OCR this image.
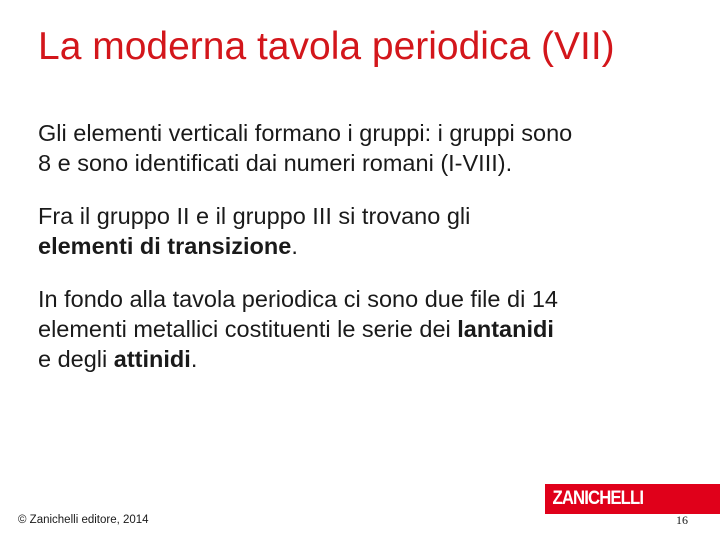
La moderna tavola periodica (VII)

Gli elementi verticali formano i gruppi: i gruppi sono
8 e sono identificati dai numeri romani (I-VIII).

Fra il gruppo II e il gruppo III si trovano gli
elementi di transizione.

In fondo alla tavola periodica ci sono due file di 14
elementi metallici costituenti le serie dei lantanidi
e degli attinidi.

© Zanichelli editore, 2014
ZANICHELLI
16
